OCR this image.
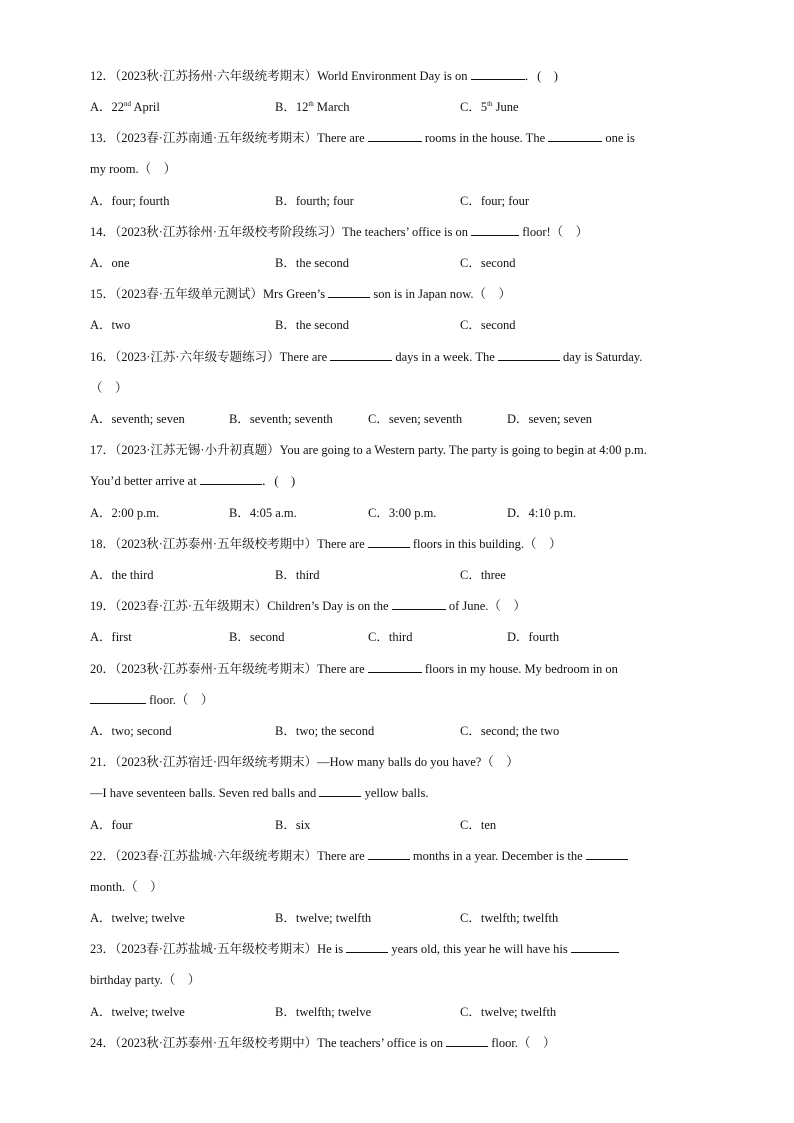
12．（2023秋·江苏扬州·六年级统考期末）World Environment Day is on	．(　)
A．22nd April	B．12th March	C．5th June
13．（2023春·江苏南通·五年级统考期末）There are	rooms in the house. The	one is
my room.（　）
A．four; fourth	B．fourth; four	C．four; four
14．（2023秋·江苏徐州·五年级校考阶段练习）The teachers’ office is on	floor!（　）
A．one	B．the second	C．second
15．（2023春·五年级单元测试）Mrs Green’s	son is in Japan now.（　）
A．two	B．the second	C．second
16．（2023·江苏·六年级专题练习）There are	days in a week. The	day is Saturday.
（　）
A．seventh; seven	B．seventh; seventh	C．seven; seventh	D．seven; seven
17．（2023·江苏无锡·小升初真题）You are going to a Western party. The party is going to begin at 4:00 p.m.
You’d better arrive at	．(　)
A．2:00 p.m.	B．4:05 a.m.	C．3:00 p.m.	D．4:10 p.m.
18．（2023秋·江苏泰州·五年级校考期中）There are	floors in this building.（　）
A．the third	B．third	C．three
19．（2023春·江苏·五年级期末）Children’s Day is on the	of June.（　）
A．first	B．second	C．third	D．fourth
20．（2023秋·江苏泰州·五年级统考期末）There are	floors in my house. My bedroom in on
floor.（　）
A．two; second	B．two; the second	C．second; the two
21．（2023秋·江苏宿迁·四年级统考期末）—How many balls do you have?（　）
—I have seventeen balls. Seven red balls and	yellow balls.
A．four	B．six	C．ten
22．（2023春·江苏盐城·六年级统考期末）There are	months in a year. December is the
month.（　）
A．twelve; twelve	B．twelve; twelfth	C．twelfth; twelfth
23．（2023春·江苏盐城·五年级校考期末）He is	years old, this year he will have his
birthday party.（　）
A．twelve; twelve	B．twelfth; twelve	C．twelve; twelfth
24．（2023秋·江苏泰州·五年级校考期中）The teachers’ office is on	floor.（　）
